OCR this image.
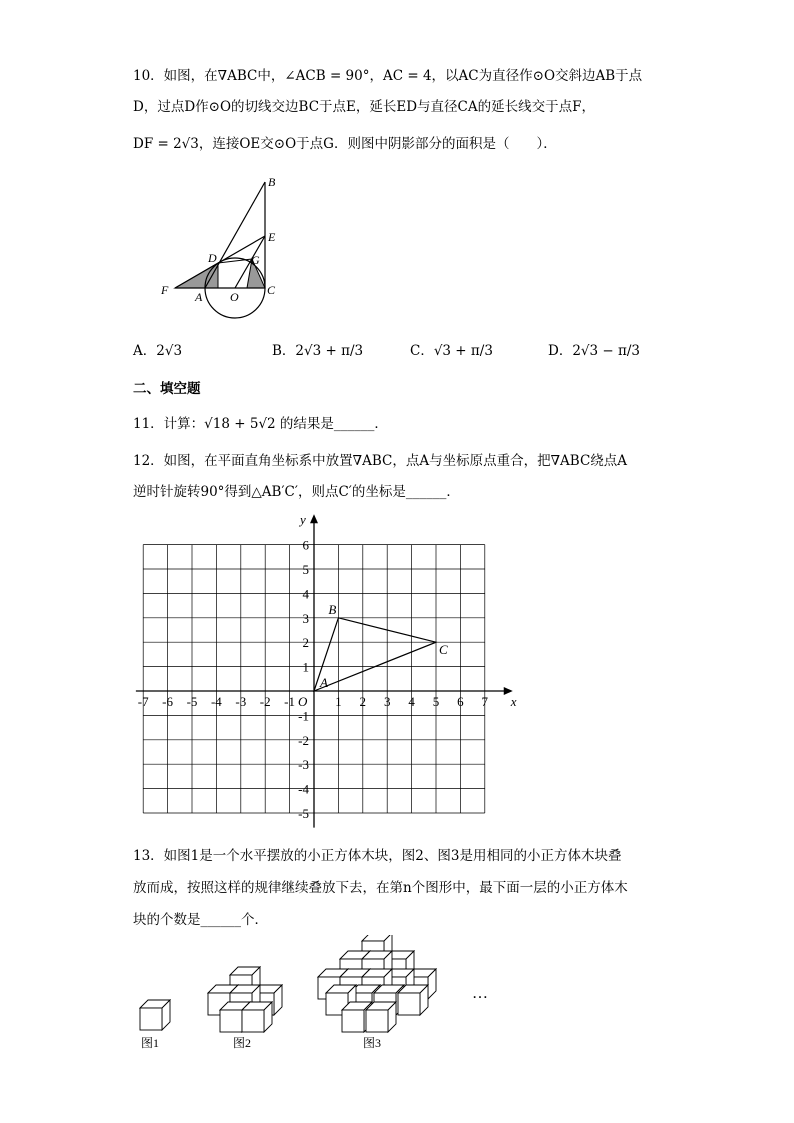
10．如图，在∇ABC中，∠ACB = 90°，AC = 4，以AC为直径作⊙O交斜边AB于点
D，过点D作⊙O的切线交边BC于点E，延长ED与直径CA的延长线交于点F，
DF = 2√3，连接OE交⊙O于点G．则图中阴影部分的面积是（　　）．
B
E
D	G
F A O C
A．2√3	B．2√3 + π/3	C．√3 + π/3	D．2√3 − π/3
二、填空题
11．计算：√18 + 5√2 的结果是______．
12．如图，在平面直角坐标系中放置∇ABC，点A与坐标原点重合，把∇ABC绕点A
逆时针旋转90°得到△AB′C′，则点C′的坐标是______．
x
y
O
-7 -6 -5 -4 -3 -2 -1	1 2 3 4 5 6 7
6
5
4
3
2
1
-1
-2
-3
-4
-5
A
B
C
13．如图1是一个水平摆放的小正方体木块，图2、图3是用相同的小正方体木块叠
放而成，按照这样的规律继续叠放下去，在第n个图形中，最下面一层的小正方体木
块的个数是______个．
图1	图2	图3
…
